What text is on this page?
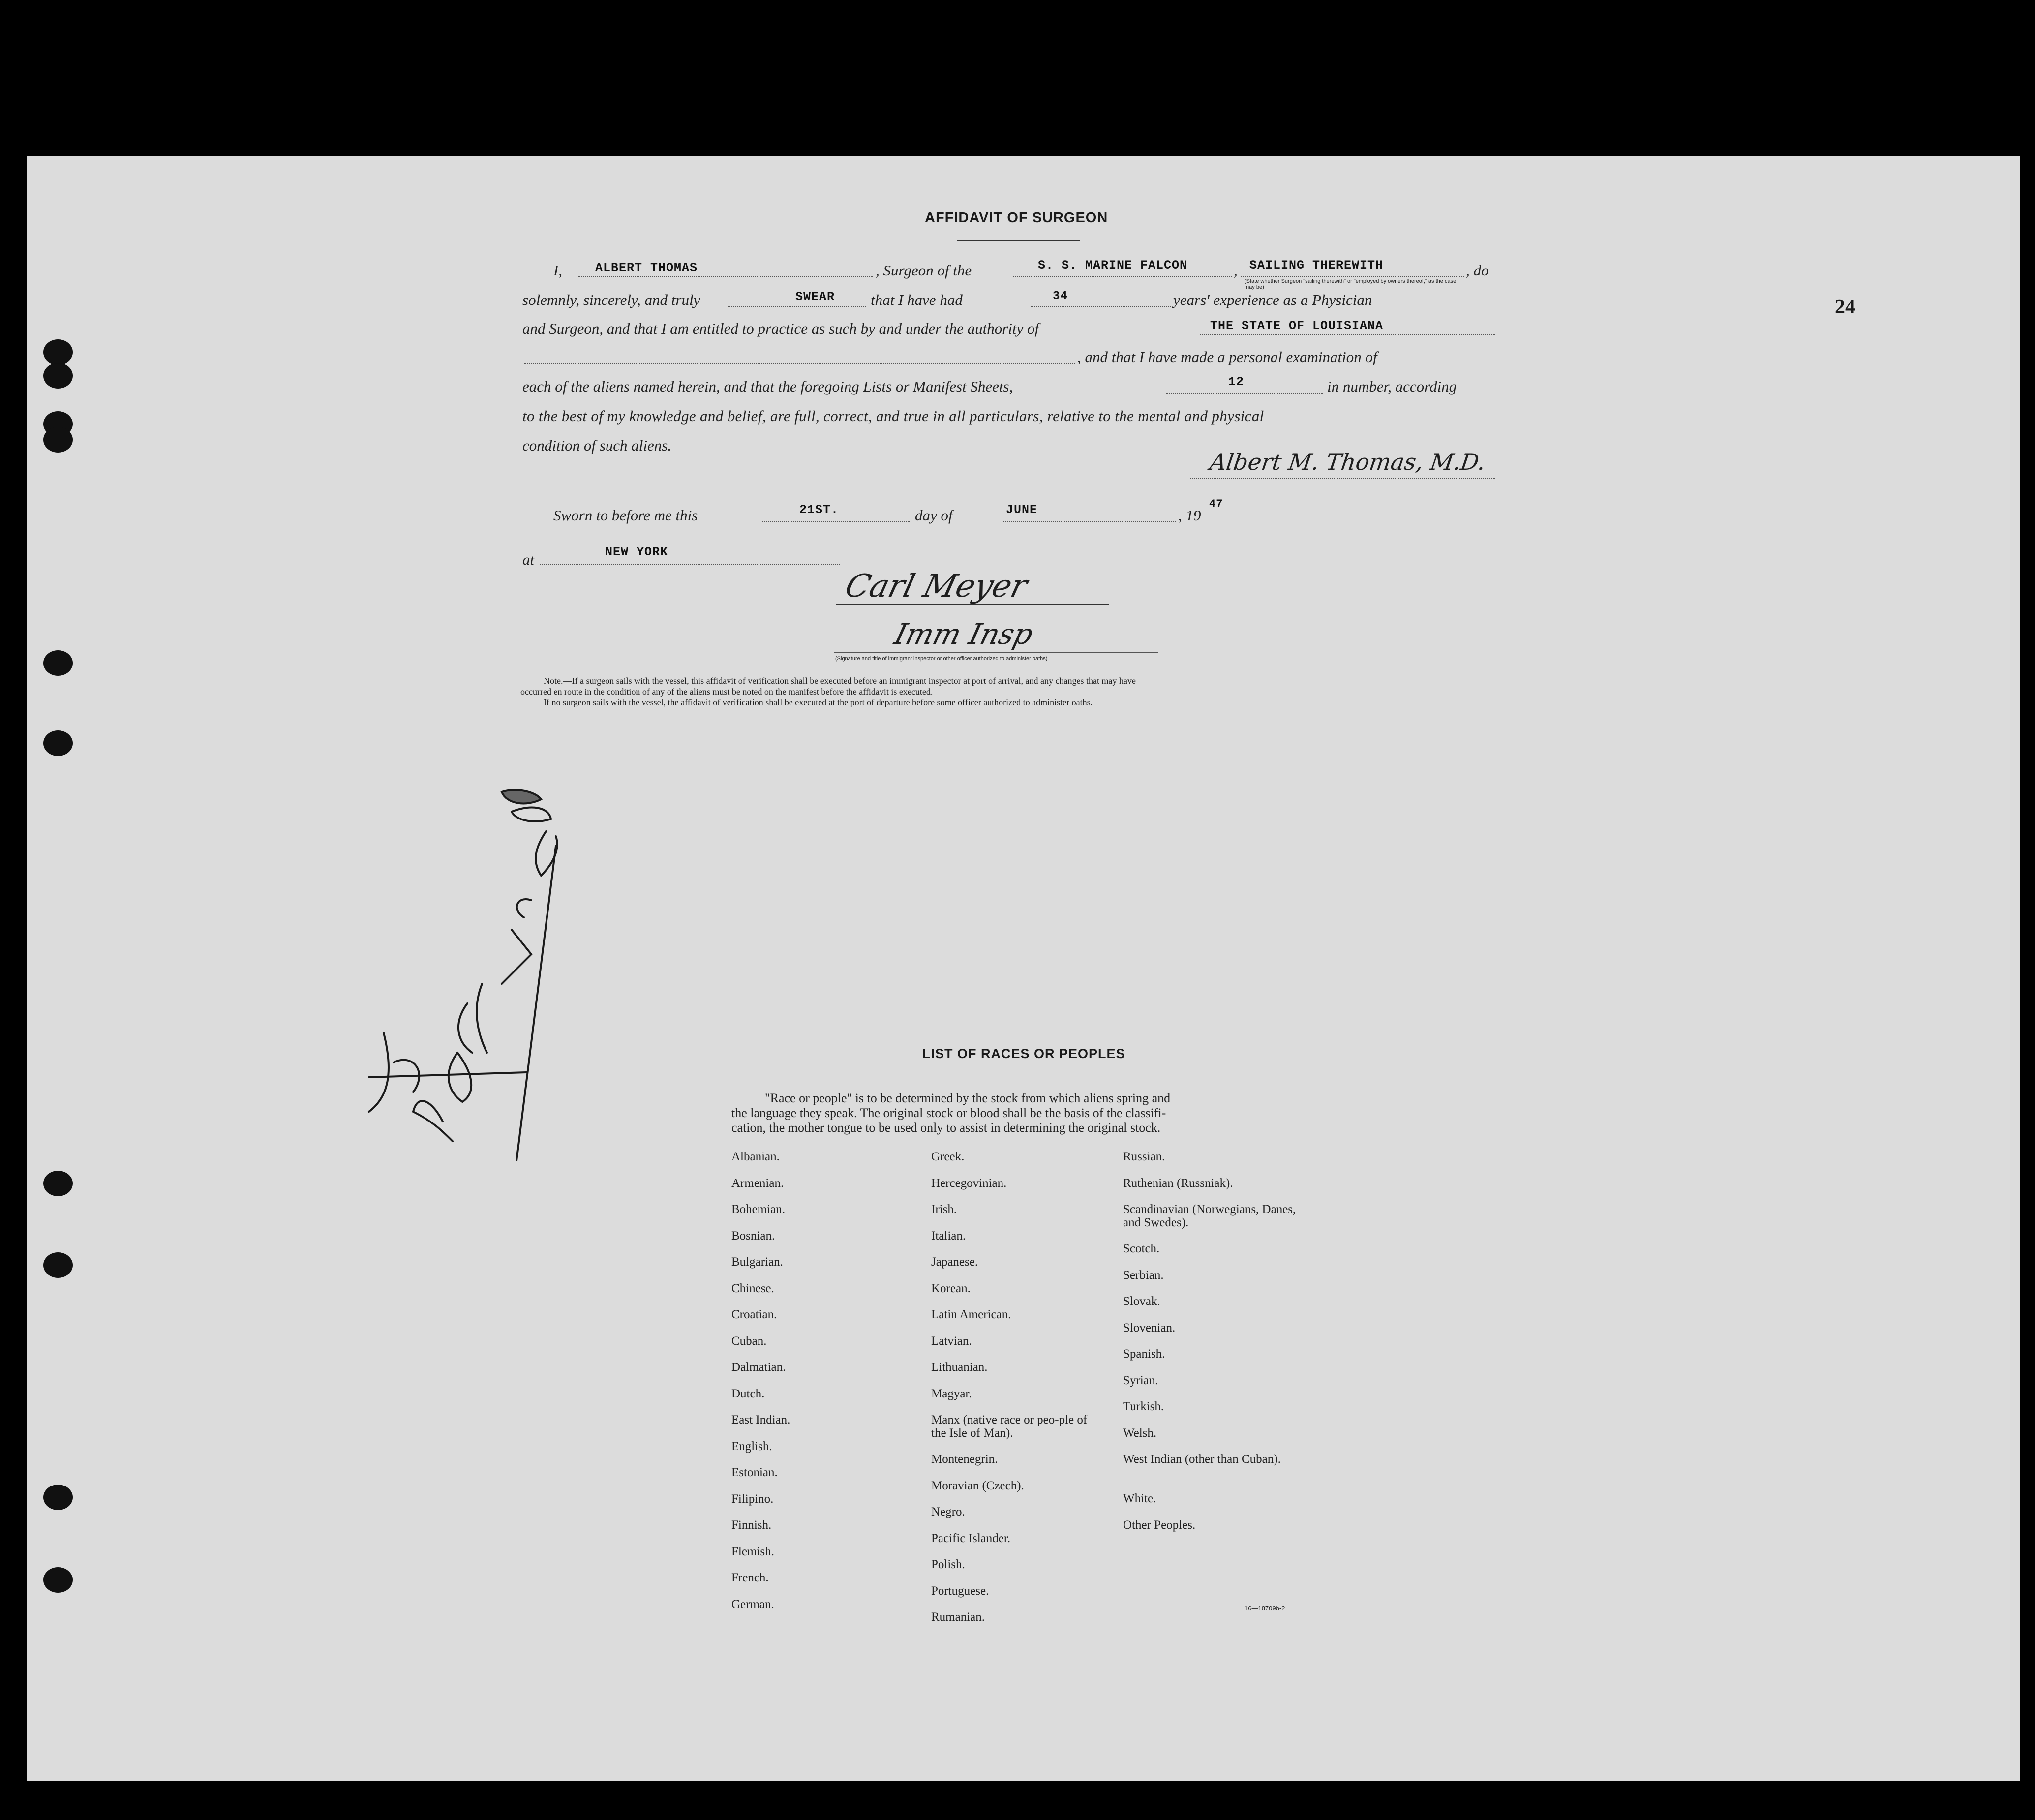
24
AFFIDAVIT OF SURGEON
I,	ALBERT THOMAS	, Surgeon of the	S. S. MARINE FALCON	, SAILING THEREWITH
(State whether Surgeon "sailing therewith" or "employed by owners thereof," as the case may be)
, do
solemnly, sincerely, and truly	SWEAR that I have had	34	years' experience as a Physician
and Surgeon, and that I am entitled to practice as such by and under the authority of	THE STATE OF LOUISIANA
, and that I have made a personal examination of
each of the aliens named herein, and that the foregoing Lists or Manifest Sheets,	12	in number, according
to the best of my knowledge and belief, are full, correct, and true in all particulars, relative to the mental and physical
condition of such aliens.
Albert M. Thomas, M.D.
Sworn to before me this	21ST.	day of	JUNE	, 19
47
at	NEW YORK
Carl Meyer
Imm Insp
(Signature and title of immigrant inspector or other officer authorized to administer oaths)
Note.—If a surgeon sails with the vessel, this affidavit of verification shall be executed before an immigrant inspector at port of arrival, and any changes that may have
occurred en route in the condition of any of the aliens must be noted on the manifest before the affidavit is executed.
If no surgeon sails with the vessel, the affidavit of verification shall be executed at the port of departure before some officer authorized to administer oaths.
LIST OF RACES OR PEOPLES
"Race or people" is to be determined by the stock from which aliens spring and
the language they speak. The original stock or blood shall be the basis of the classifi-
cation, the mother tongue to be used only to assist in determining the original stock.
Albanian.
Armenian.
Bohemian.
Bosnian.
Bulgarian.
Chinese.
Croatian.
Cuban.
Dalmatian.
Dutch.
East Indian.
English.
Estonian.
Filipino.
Finnish.
Flemish.
French.
German.
Greek.
Hercegovinian.
Irish.
Italian.
Japanese.
Korean.
Latin American.
Latvian.
Lithuanian.
Magyar.
Manx (native race or peo-ple of the Isle of Man).
Montenegrin.
Moravian (Czech).
Negro.
Pacific Islander.
Polish.
Portuguese.
Rumanian.
Russian.
Ruthenian (Russniak).
Scandinavian (Norwegians, Danes, and Swedes).
Scotch.
Serbian.
Slovak.
Slovenian.
Spanish.
Syrian.
Turkish.
Welsh.
West Indian (other than Cuban).
White.
Other Peoples.
16—18709b-2
